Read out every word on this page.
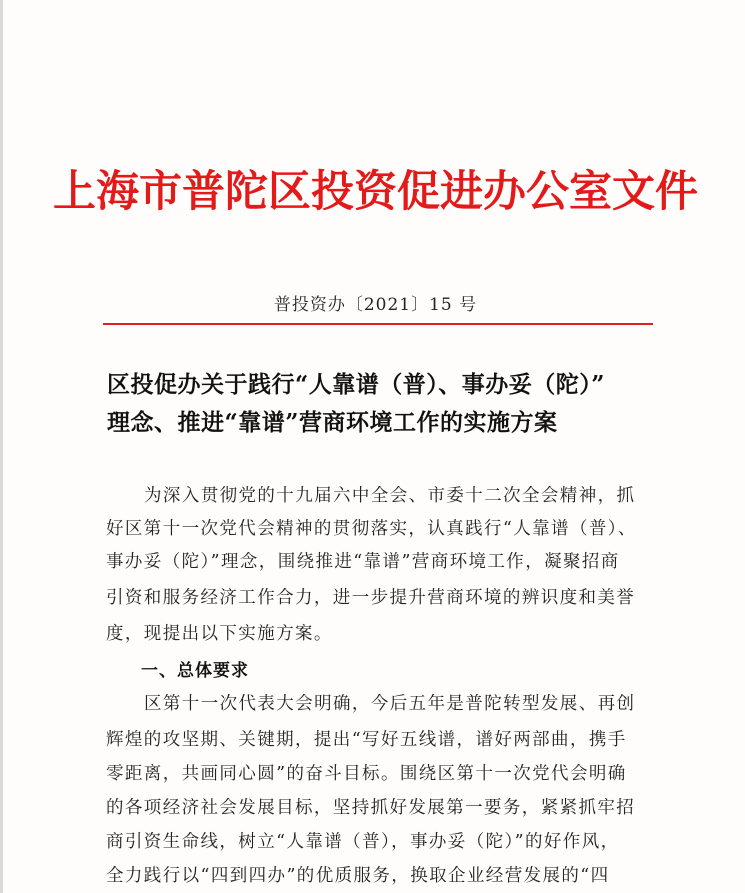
上海市普陀区投资促进办公室文件
普投资办〔2021〕15 号
区投促办关于践行“人靠谱（普）、事办妥（陀）”
理念、推进“靠谱”营商环境工作的实施方案
为深入贯彻党的十九届六中全会、市委十二次全会精神，抓
好区第十一次党代会精神的贯彻落实，认真践行“人靠谱（普）、
事办妥（陀）”理念，围绕推进“靠谱”营商环境工作，凝聚招商
引资和服务经济工作合力，进一步提升营商环境的辨识度和美誉
度，现提出以下实施方案。
一、总体要求
区第十一次代表大会明确，今后五年是普陀转型发展、再创
辉煌的攻坚期、关键期，提出“写好五线谱，谱好两部曲，携手
零距离，共画同心圆”的奋斗目标。围绕区第十一次党代会明确
的各项经济社会发展目标，坚持抓好发展第一要务，紧紧抓牢招
商引资生命线，树立“人靠谱（普），事办妥（陀）”的好作风，
全力践行以“四到四办”的优质服务，换取企业经营发展的“四
